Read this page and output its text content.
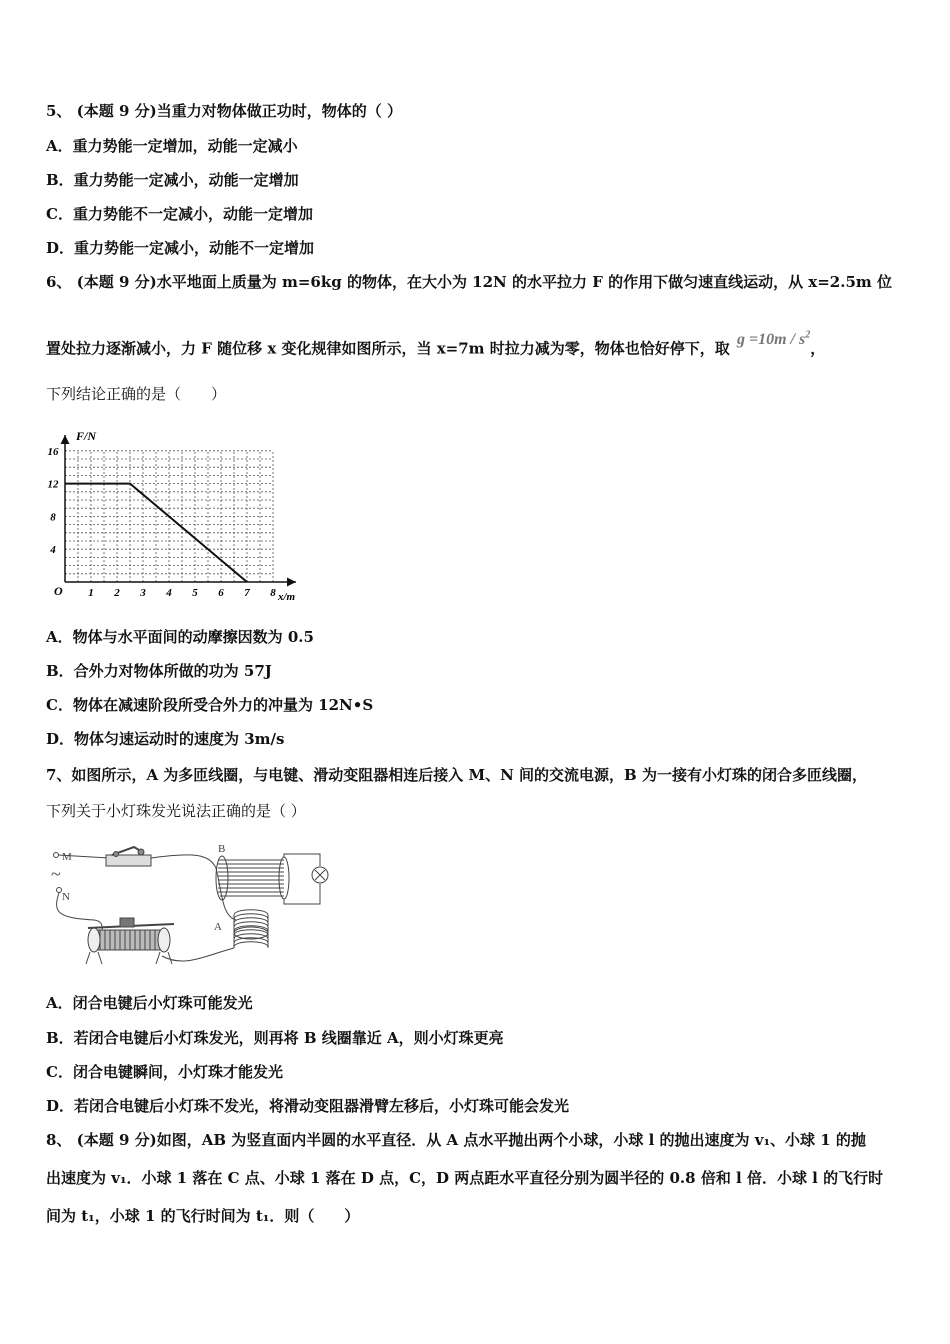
5、 (本题 9 分)当重力对物体做正功时，物体的（ ）
A．重力势能一定增加，动能一定减小
B．重力势能一定减小，动能一定增加
C．重力势能不一定减小，动能一定增加
D．重力势能一定减小，动能不一定增加
6、 (本题 9 分)水平地面上质量为 m=6kg 的物体，在大小为 12N 的水平拉力 F 的作用下做匀速直线运动，从 x=2.5m 位
置处拉力逐渐减小，力 F 随位移 x 变化规律如图所示，当 x=7m 时拉力减为零，物体也恰好停下，取 $g =10m / s^2$，
下列结论正确的是（　　）
F/N
x/m
O
4
8
12
16
1 2 3 4 5 6 7 8
A．物体与水平面间的动摩擦因数为 0.5
B．合外力对物体所做的功为 57J
C．物体在减速阶段所受合外力的冲量为 12N•S
D．物体匀速运动时的速度为 3m/s
7、如图所示，A 为多匝线圈，与电键、滑动变阻器相连后接入 M、N 间的交流电源，B 为一接有小灯珠的闭合多匝线圈，
下列关于小灯珠发光说法正确的是（ ）
M
~
N
B
A
A．闭合电键后小灯珠可能发光
B．若闭合电键后小灯珠发光，则再将 B 线圈靠近 A，则小灯珠更亮
C．闭合电键瞬间，小灯珠才能发光
D．若闭合电键后小灯珠不发光，将滑动变阻器滑臂左移后，小灯珠可能会发光
8、 (本题 9 分)如图，AB 为竖直面内半圆的水平直径．从 A 点水平抛出两个小球，小球 l 的抛出速度为 v₁、小球 1 的抛
出速度为 v₁．小球 1 落在 C 点、小球 1 落在 D 点，C，D 两点距水平直径分别为圆半径的 0.8 倍和 l 倍．小球 l 的飞行时
间为 t₁，小球 1 的飞行时间为 t₁．则（　　）
